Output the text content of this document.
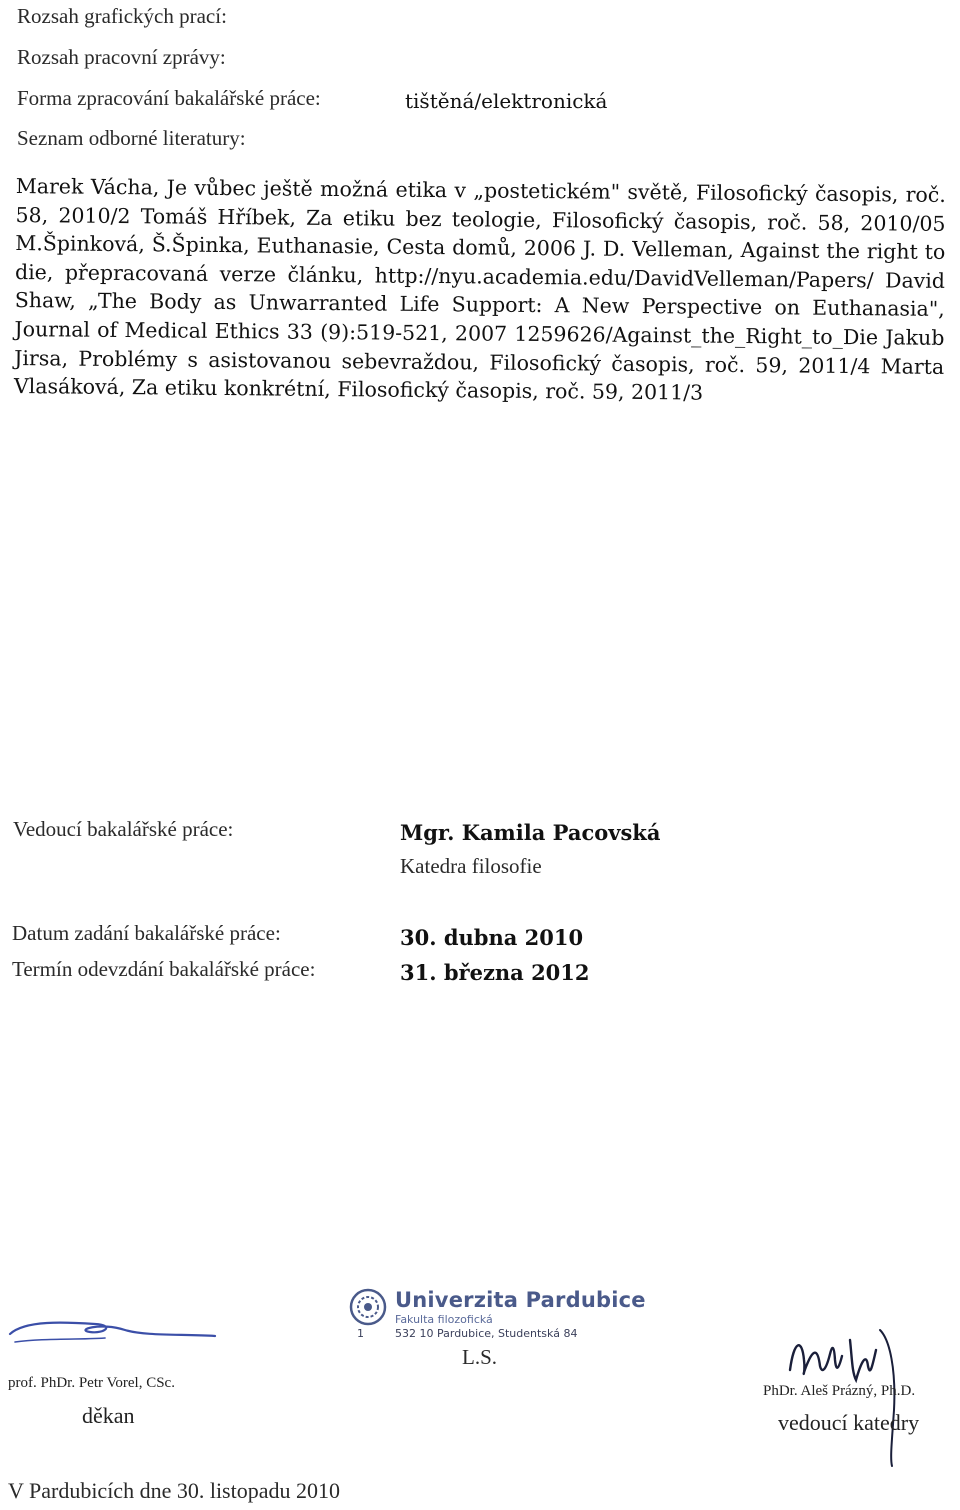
Rozsah grafických prací:
Rozsah pracovní zprávy:
Forma zpracování bakalářské práce:	tištěná/elektronická
Seznam odborné literatury:
Marek Vácha, Je vůbec ještě možná etika v „postetickém" světě, Filosofický časopis, roč. 58, 2010/2 Tomáš Hříbek, Za etiku bez teologie, Filosofický časopis, roč. 58, 2010/05 M.Špinková, Š.Špinka, Euthanasie, Cesta domů, 2006 J. D. Velleman, Against the right to die, přepracovaná verze článku, http://nyu.academia.edu/DavidVelleman/Papers/ David Shaw, „The Body as Unwarranted Life Support: A New Perspective on Euthanasia", Journal of Medical Ethics 33 (9):519-521, 2007 1259626/Against_the_Right_to_Die Jakub Jirsa, Problémy s asistovanou sebevraždou, Filosofický časopis, roč. 59, 2011/4 Marta Vlasáková, Za etiku konkrétní, Filosofický časopis, roč. 59, 2011/3
Vedoucí bakalářské práce:	Mgr. Kamila Pacovská
Katedra filosofie
Datum zadání bakalářské práce:	30. dubna 2010
Termín odevzdání bakalářské práce:	31. března 2012
prof. PhDr. Petr Vorel, CSc.
děkan
Univerzita Pardubice
Fakulta filozofická
1	532 10 Pardubice, Studentská 84
L.S.
PhDr. Aleš Prázný, Ph.D.
vedoucí katedry
V Pardubicích dne 30. listopadu 2010
